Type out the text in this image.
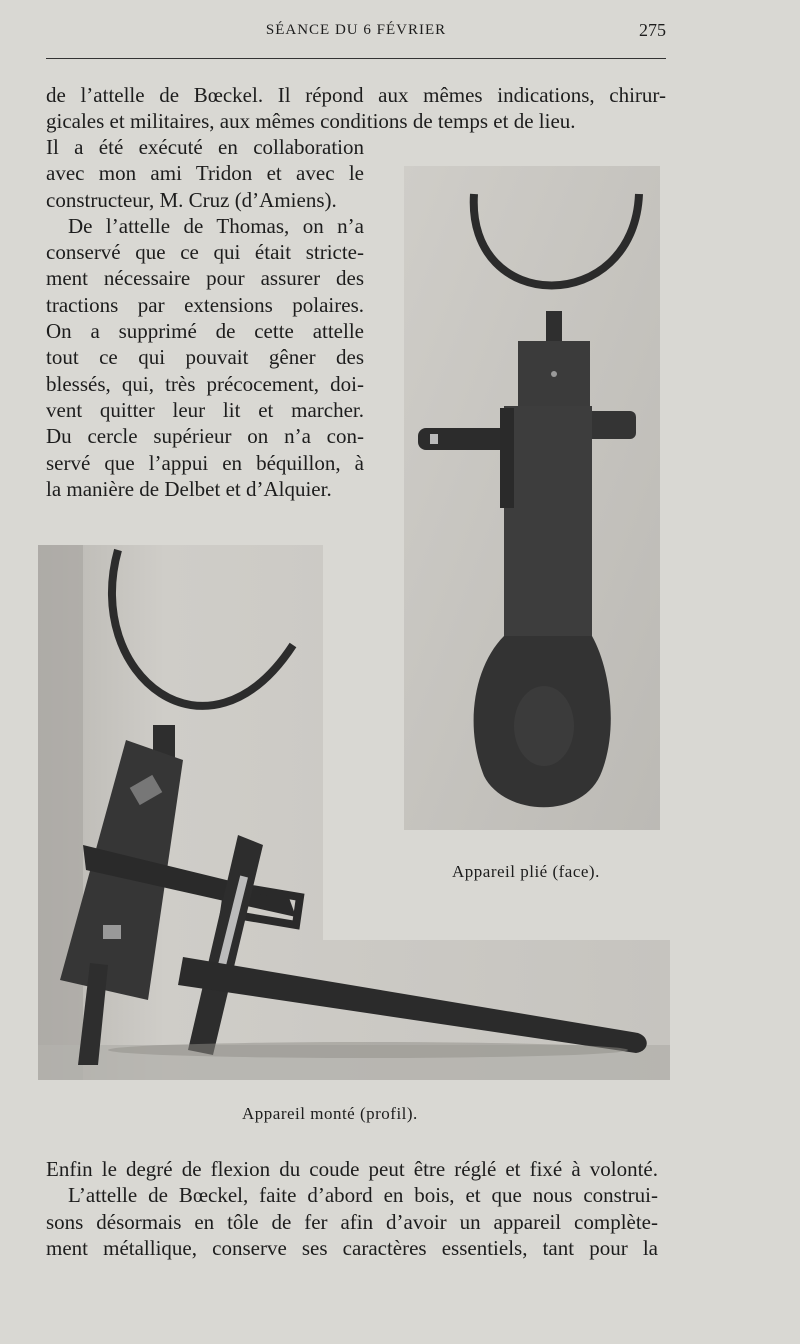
SÉANCE DU 6 FÉVRIER	275

de l’attelle de Bœckel. Il répond aux mêmes indications, chirur-
gicales et militaires, aux mêmes conditions de temps et de lieu.

Il a été exécuté en collaboration
avec mon ami Tridon et avec le
constructeur, M. Cruz (d’Amiens).
De l’attelle de Thomas, on n’a
conservé que ce qui était stricte-
ment nécessaire pour assurer des
tractions par extensions polaires.
On a supprimé de cette attelle
tout ce qui pouvait gêner des
blessés, qui, très précocement, doi-
vent quitter leur lit et marcher.
Du cercle supérieur on n’a con-
servé que l’appui en béquillon, à
la manière de Delbet et d’Alquier.

Appareil plié (face).
Appareil monté (profil).

Enfin le degré de flexion du coude peut être réglé et fixé à volonté.
L’attelle de Bœckel, faite d’abord en bois, et que nous construi-
sons désormais en tôle de fer afin d’avoir un appareil complète-
ment métallique, conserve ses caractères essentiels, tant pour la
